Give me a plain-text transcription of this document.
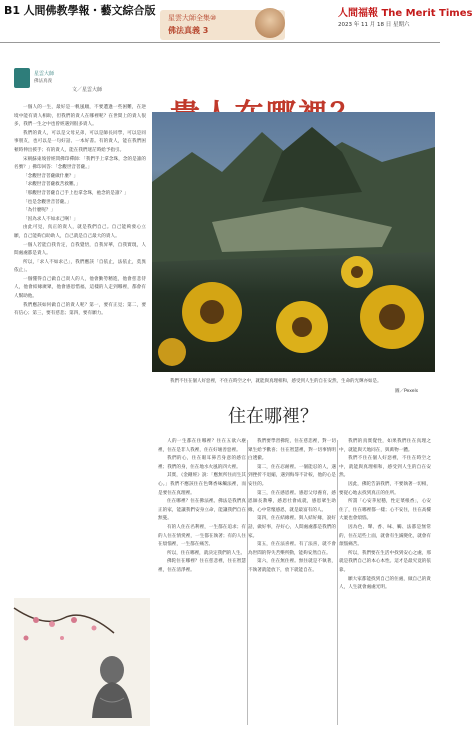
B1 人間佛教學報・藝文綜合版
星雲大師全集⑩
佛法真義 3
人間福報 The Merit Times
2023 年 11 月 18 日 星期六
星雲大師
佛法真義
文／星雲大師
我們不住在個人好惡裡，不住在時空之中，就能與真理相和，感受到人生的自在安然，生命的光輝亦如是。
圖／Pexels
住在哪裡？

一個人的一生，最好是一帆風順，不要遭逢一些困難，在逆境中能有貴人相助，但我們的貴人在哪裡呢？在世間上的貴人很多，我們一生之中也曾經遇到很多貴人。

我們的貴人，可以是父母兄弟，可以是師長同學，可以是同事朋友，也可以是一句好話、一本好書。有的貴人，能在我們困頓時伸出援手；有的貴人，能在我們迷茫時給予指引。

宋朝蘇東坡曾經問佛印禪師：「我們手上拿念珠，念的是誰的名號？」佛印回答：「念觀世音菩薩。」

「念觀世音菩薩做什麼？」

「求觀世音菩薩救苦救難。」

「那觀世音菩薩自己手上也拿念珠，祂念的是誰？」

「也是念觀世音菩薩。」

「為什麼呢？」

「因為求人不如求己啊！」

由此可見，真正的貴人，就是我們自己。自己能夠發心立願，自己能夠自助助人，自己就是自己最大的貴人。

一個人若能自我肯定，自我覺悟，自我昇華，自我實現，人間處處都是貴人。

所以，「求人不如求己」，我們應該「自依止，法依止，莫異依止」。

一個懂得自己做自己貴人的人，他會勤勞精進，他會慈悲待人，他會結緣廣眾，他會感恩惜福，這樣的人走到哪裡，都會有人幫助他。

我們應該如何做自己的貴人呢？第一，要有正見；第二，要有信心；第三，要有慈悲；第四，要有願力。

人的一生都在住哪裡？住在五欲六塵裡，住在是非人我裡，住在好壞善惡裡。

我們的心，住在眼耳鼻舌身意的感官裡；我們的身，住在地水火風的四大裡。

其實，《金剛經》說：「應無所住而生其心。」我們不應該住在色聲香味觸法裡，而是要住在真理裡。

住在哪裡？住在佛法裡。佛法是我們真正的家，能讓我們安身立命，能讓我們自在無憂。

有的人住在名利裡，一生都在追求；有的人住在情愛裡，一生都在執著；有的人住在煩惱裡，一生都在痛苦。

所以，住在哪裡，就決定我們的人生。

佛陀住在哪裡？住在慈悲裡，住在智慧裡，住在清淨裡。

我們要學習佛陀，住在慈悲裡，對一切眾生給予歡喜；住在智慧裡，對一切事情明白透徹。

第二，住在忍耐裡。一個能忍的人，遇到挫折不退縮，遇到侮辱不計較，他的心是安住的。

第三，住在感恩裡。感恩父母養育，感恩師長教導，感恩社會成就，感恩眾生助緣，心中常懷感恩，就是最富有的人。

第四，住在結緣裡。與人結好緣，說好話，做好事，存好心，人間處處都是我們的家。

第五，住在法喜裡。有了法喜，就不會為世間的得失苦樂所動，能夠安然自在。

第六，住在無住裡。無住就是不執著，不執著就能放下，放下就能自在。

我們的真實覺性，如果我們住在真理之中，就能與天地同在，與萬物一體。

我們不住在個人好惡裡，不住在時空之中，就能與真理相和，感受到人生的自在安然。

因此，佛陀告訴我們，不要執著一切相，要從心地去找到真正的住所。

所謂「心安茅屋穩，性定菜根香」，心安住了，住在哪裡都一樣；心不安住，住在高樓大廈也會煩惱。

因為色、聲、香、味、觸、法都是無常的，住在這些上面，就會有生滅變化，就會有煩惱痛苦。

所以，我們要在生活中找到安心之處，那就是我們自己的本心本性。這才是最究竟的依靠。

願大家都能找到自己的住處，做自己的貴人，人生就會處處光明。
